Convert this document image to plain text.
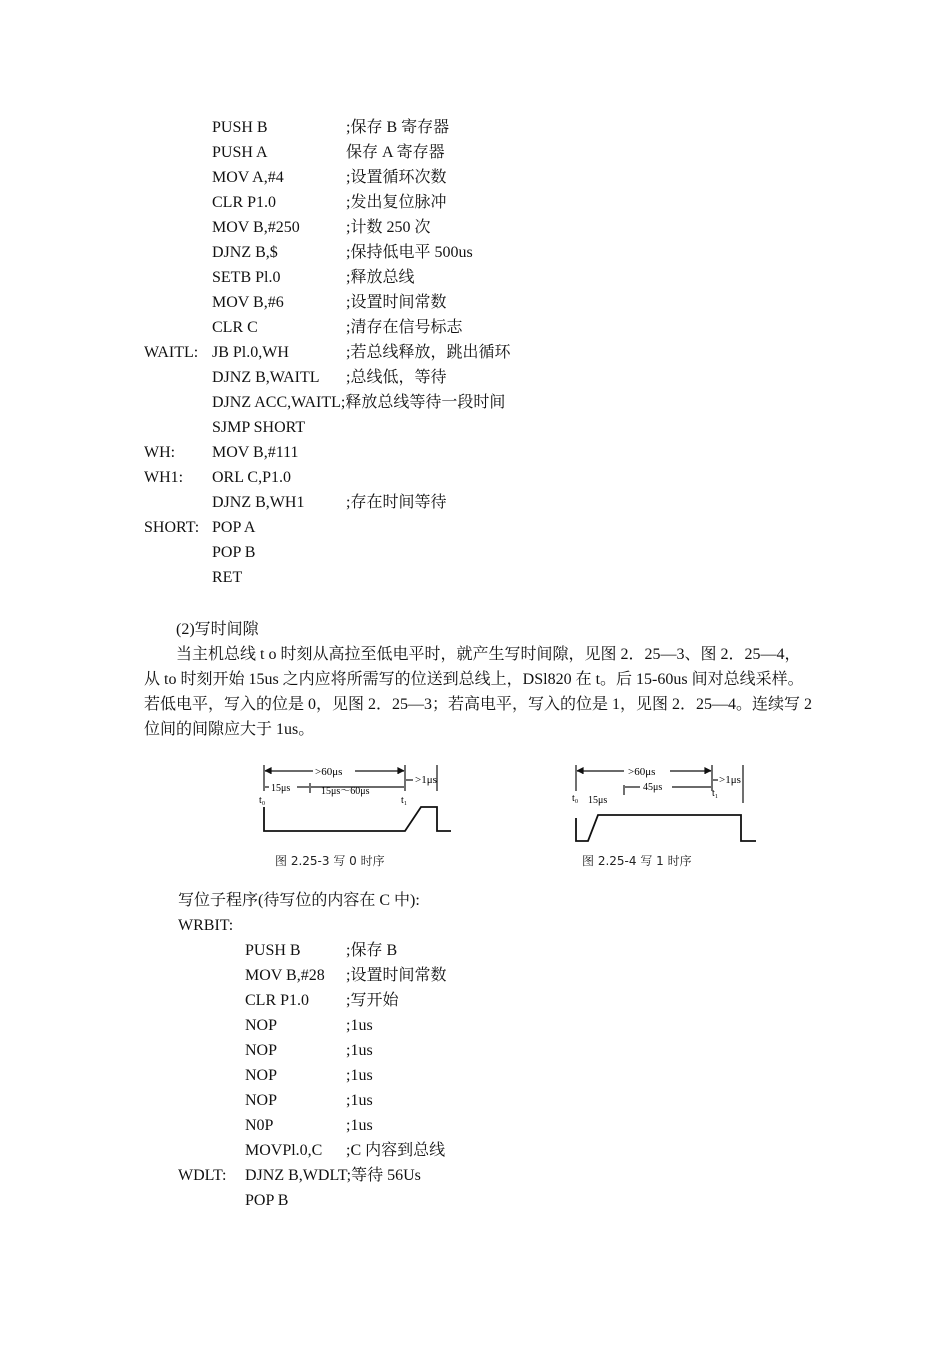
PUSH B	;保存 B 寄存器
PUSH A	保存 A 寄存器
MOV A,#4	;设置循环次数
CLR P1.0	;发出复位脉冲
MOV B,#250	;计数 250 次
DJNZ B,$	;保持低电平 500us
SETB Pl.0	;释放总线
MOV B,#6	;设置时间常数
CLR C	;清存在信号标志
WAITL: JB Pl.0,WH	;若总线释放，跳出循环
DJNZ B,WAITL ;总线低，等待
DJNZ ACC,WAITL;释放总线等待一段时间
SJMP SHORT
WH: MOV B,#111
WH1: ORL C,P1.0
DJNZ B,WH1	;存在时间等待
SHORT: POP A
POP B
RET

(2)写时间隙

当主机总线 t o 时刻从高拉至低电平时，就产生写时间隙，见图 2．25—3、图 2．25—4，从 to 时刻开始 15us 之内应将所需写的位送到总线上，DSl820 在 t。后 15-60us 间对总线采样。若低电平，写入的位是 0，见图 2．25—3；若高电平，写入的位是 1，见图 2．25—4。连续写 2 位间的间隙应大于 1us。

>60μs
>1μs
15μs	15μs～60μs
t₀	t₁
图 2.25-3 写 0 时序
>60μs
>1μs
15μs
45μs
t₀	t₁
图 2.25-4 写 1 时序
写位子程序(待写位的内容在 C 中):
WRBIT:
PUSH B	;保存 B
MOV B,#28 ;设置时间常数
CLR P1.0 ;写开始
NOP	;1us
NOP	;1us
NOP	;1us
NOP	;1us
N0P	;1us
MOVPl.0,C ;C 内容到总线
WDLT: DJNZ B,WDLT;等待 56Us
POP B
